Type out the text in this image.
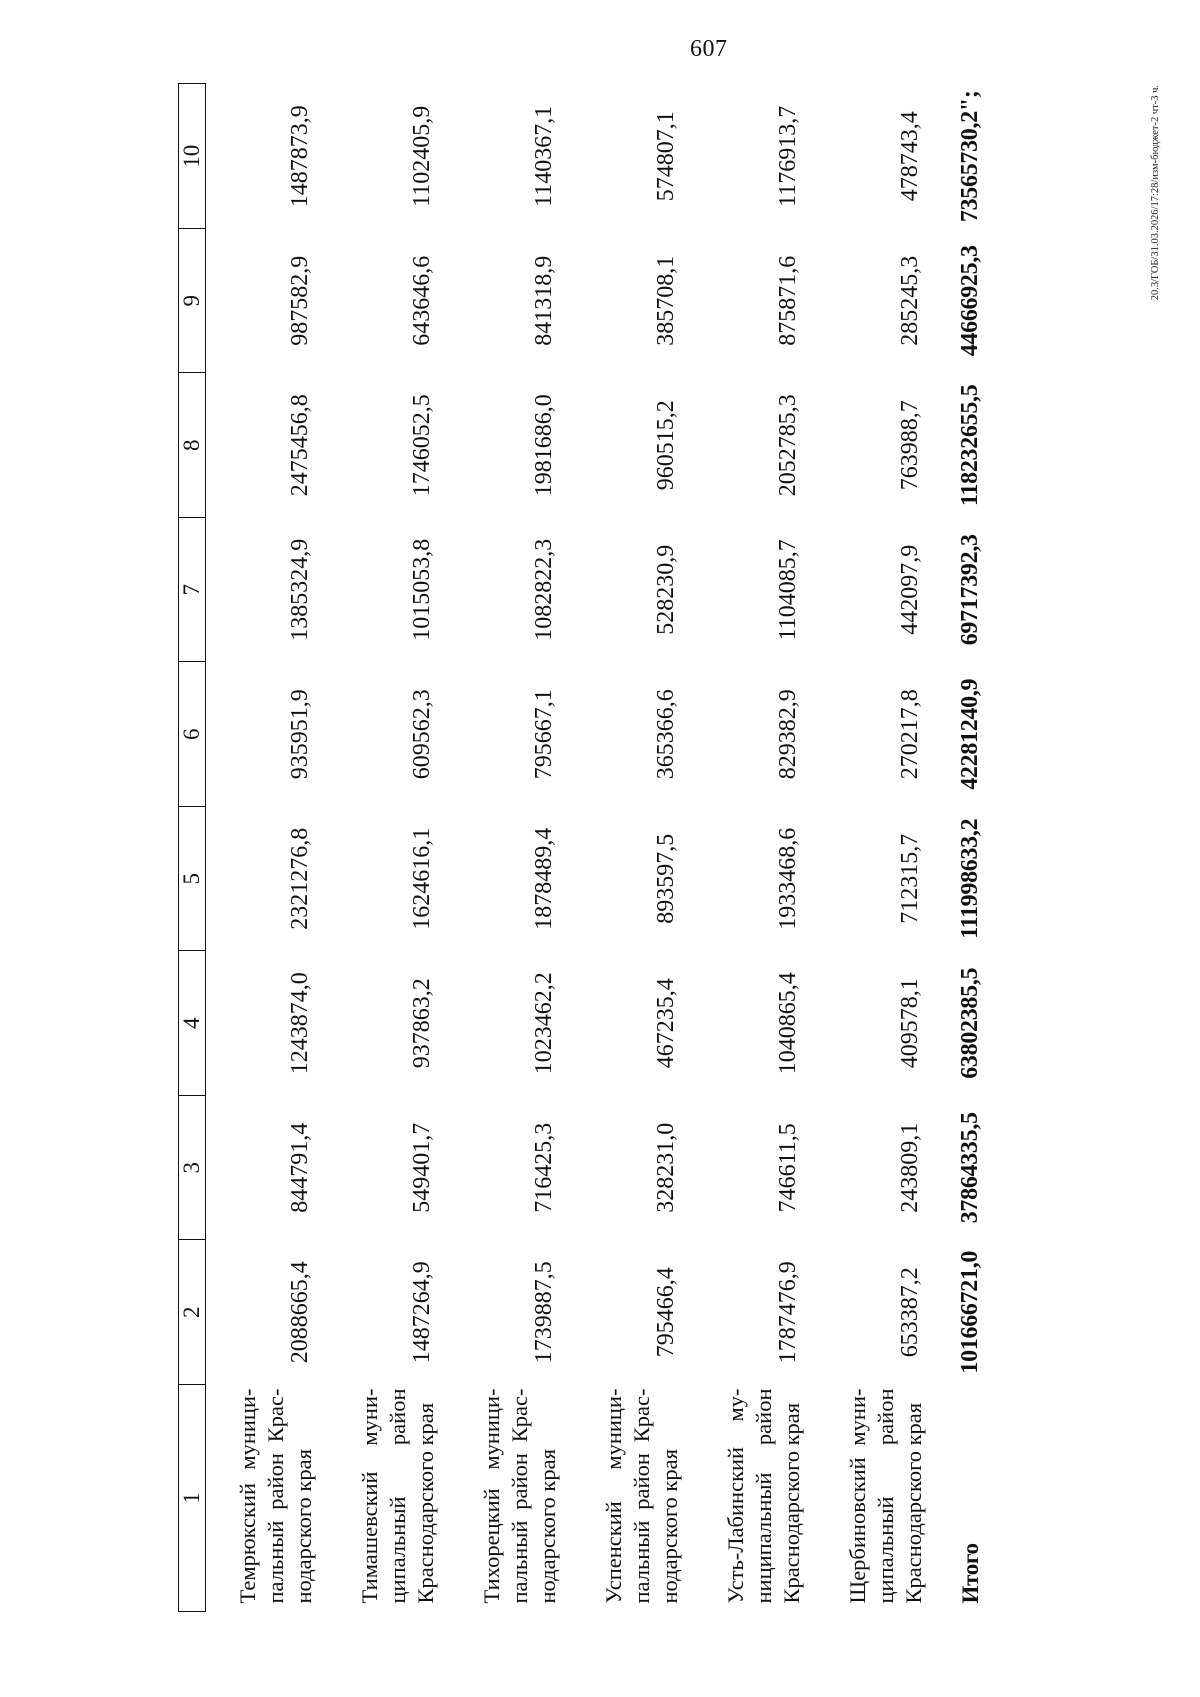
607
20.3/ГОБ/31.03.2026/17:28/изм-бюджет-2 чт-3 ч.
1	2	3	4	5	6	7	8	9	10
Темрюкский муници-пальный район Крас-нодарского края	2088665,4	844791,4	1243874,0	2321276,8	935951,9	1385324,9	2475456,8	987582,9	1487873,9
Тимашевский муни-ципальный район Краснодарского края	1487264,9	549401,7	937863,2	1624616,1	609562,3	1015053,8	1746052,5	643646,6	1102405,9
Тихорецкий муници-пальный район Крас-нодарского края	1739887,5	716425,3	1023462,2	1878489,4	795667,1	1082822,3	1981686,0	841318,9	1140367,1
Успенский муници-пальный район Крас-нодарского края	795466,4	328231,0	467235,4	893597,5	365366,6	528230,9	960515,2	385708,1	574807,1
Усть-Лабинский му-ниципальный район Краснодарского края	1787476,9	746611,5	1040865,4	1933468,6	829382,9	1104085,7	2052785,3	875871,6	1176913,7
Щербиновский муни-ципальный район Краснодарского края	653387,2	243809,1	409578,1	712315,7	270217,8	442097,9	763988,7	285245,3	478743,4
Итого	101666721,0	37864335,5	63802385,5	111998633,2	42281240,9	69717392,3	118232655,5	44666925,3	73565730,2";
